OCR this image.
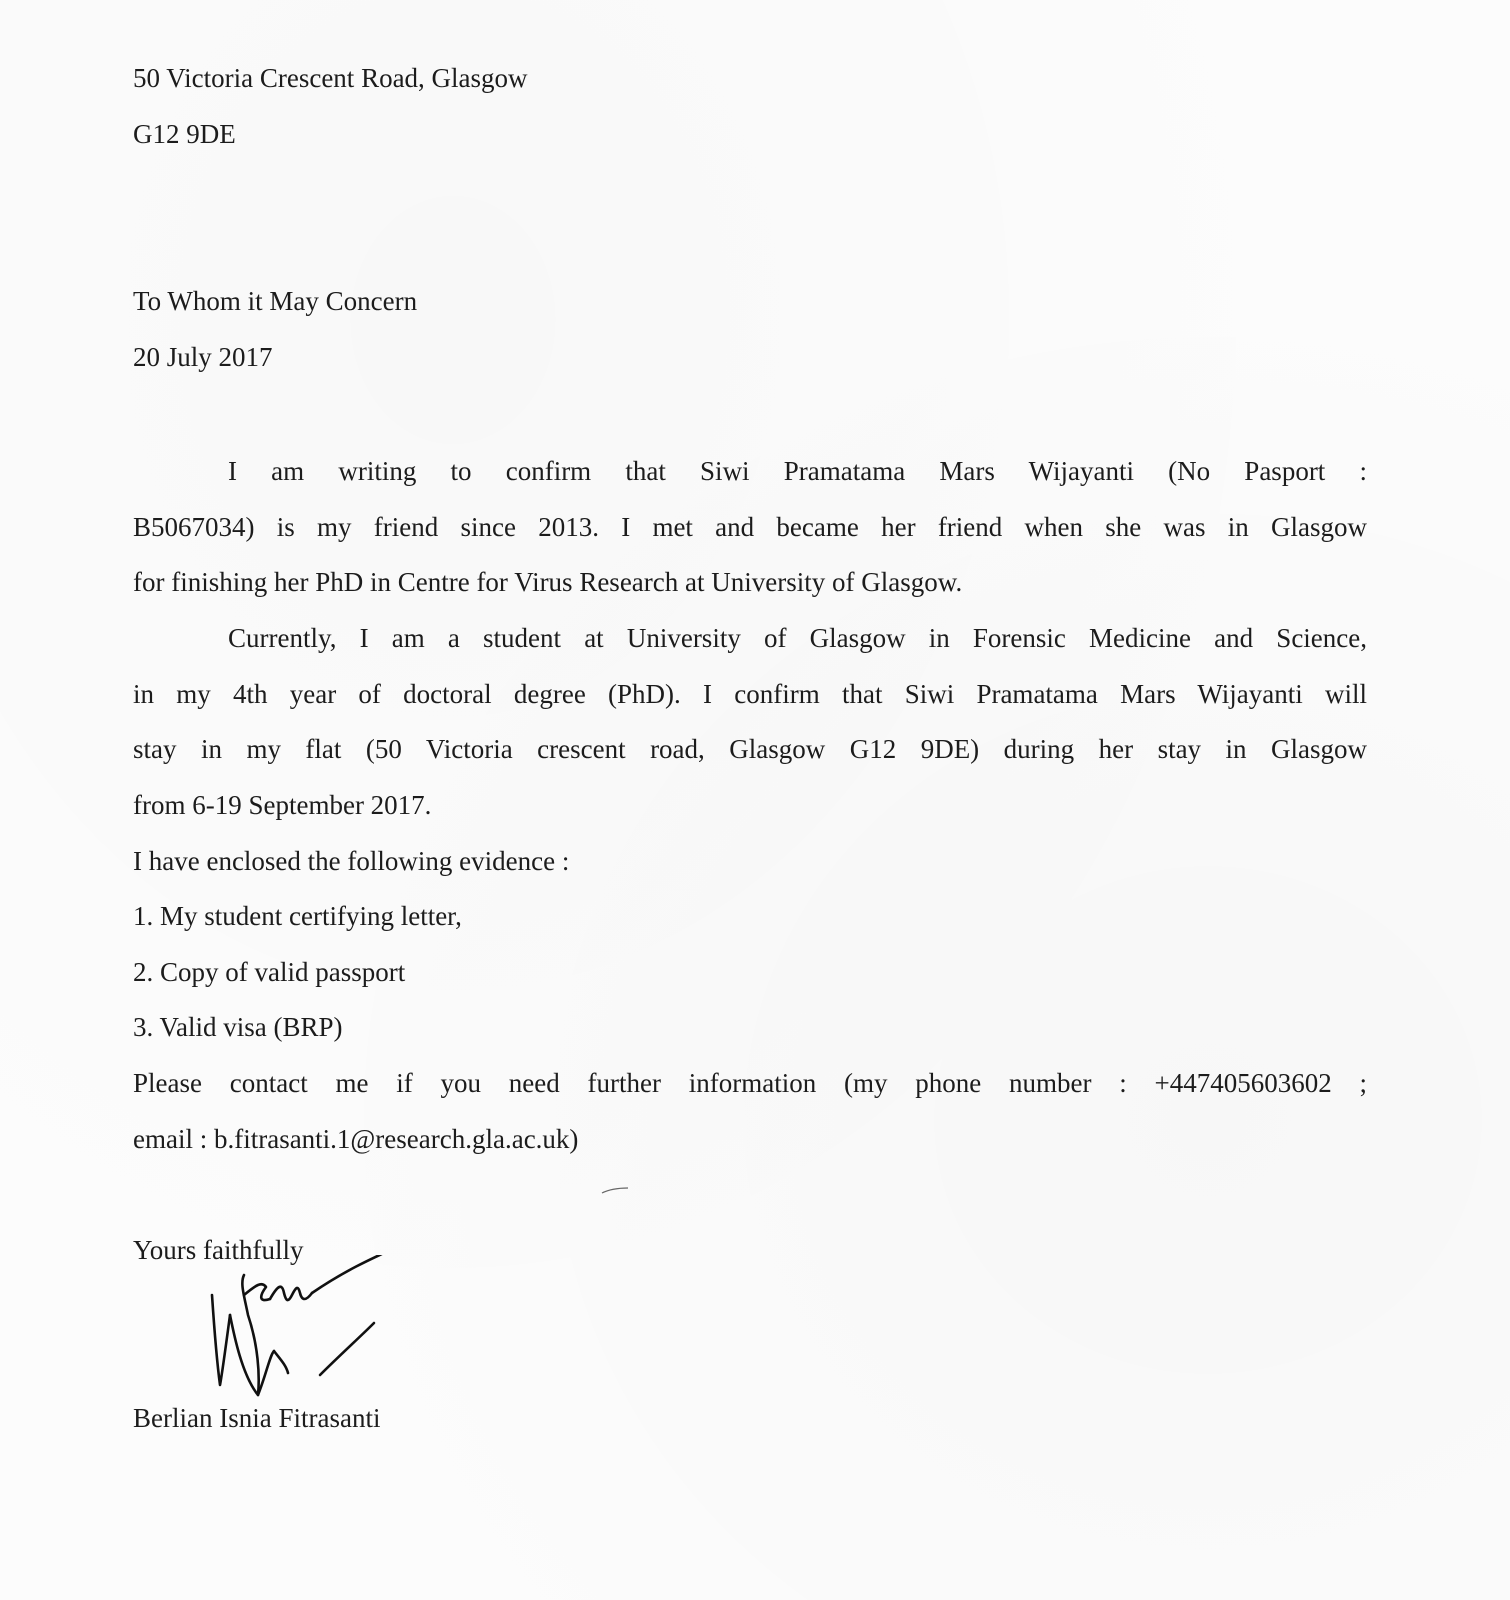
50 Victoria Crescent Road, Glasgow

G12 9DE

To Whom it May Concern

20 July 2017

I am writing to confirm that Siwi Pramatama Mars Wijayanti (No Pasport :

B5067034) is my friend since 2013. I met and became her friend when she was in Glasgow

for finishing her PhD in Centre for Virus Research at University of Glasgow.

Currently, I am a student at University of Glasgow in Forensic Medicine and Science,

in my 4th year of doctoral degree (PhD). I confirm that Siwi Pramatama Mars Wijayanti will

stay in my flat (50 Victoria crescent road, Glasgow G12 9DE) during her stay in Glasgow

from 6-19 September 2017.

I have enclosed the following evidence :

1. My student certifying letter,

2. Copy of valid passport

3. Valid visa (BRP)

Please contact me if you need further information (my phone number : +447405603602 ;

email : b.fitrasanti.1@research.gla.ac.uk)

Yours faithfully

Berlian Isnia Fitrasanti
